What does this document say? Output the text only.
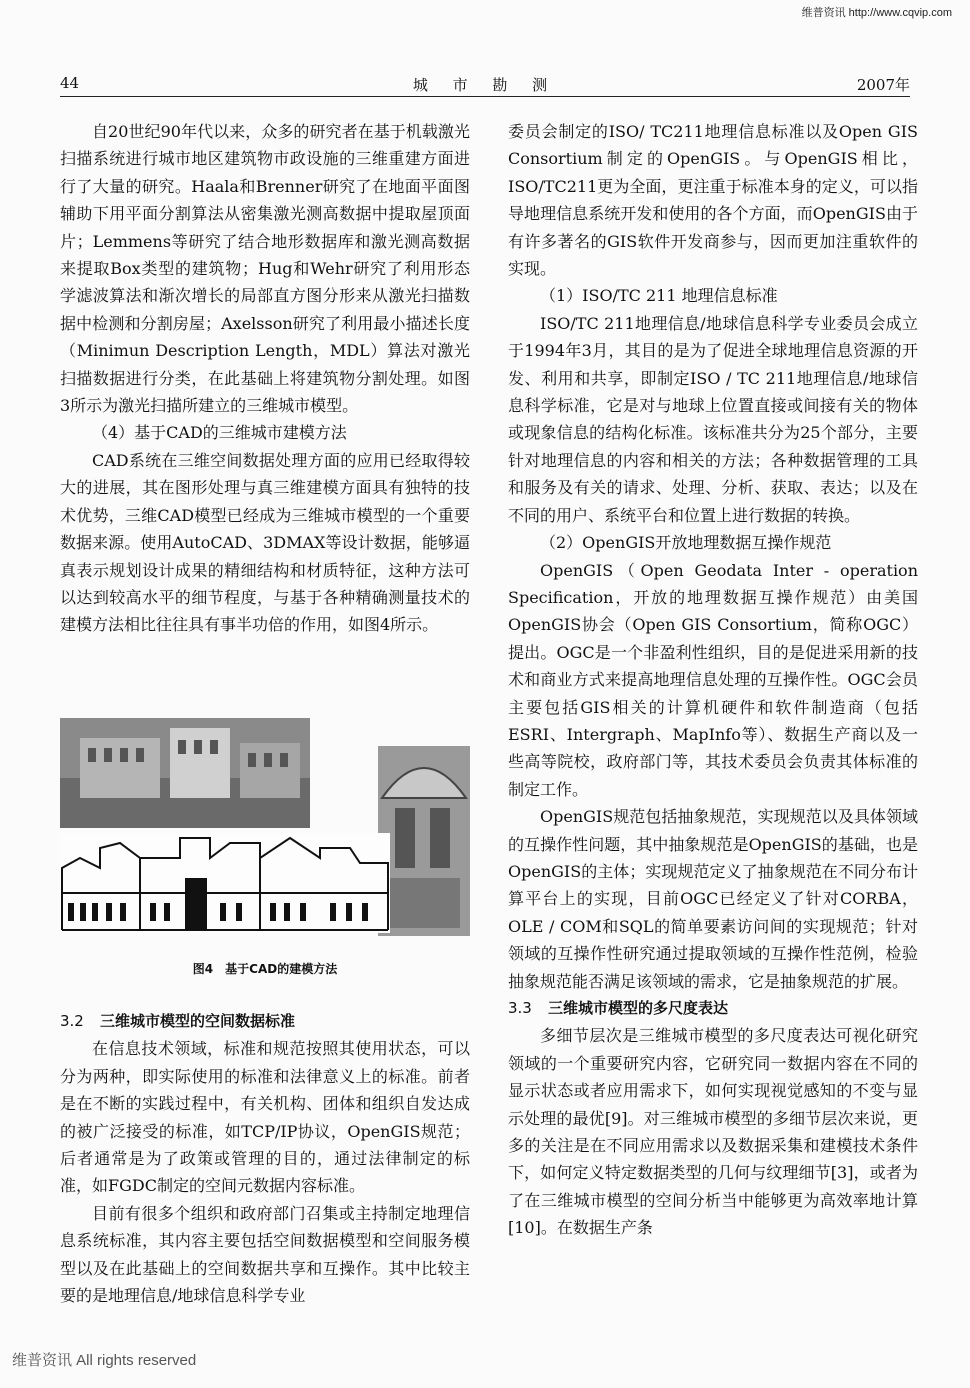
维普资讯 http://www.cqvip.com
44	城 市 勘 测	2007年

自20世纪90年代以来，众多的研究者在基于机载激光扫描系统进行城市地区建筑物市政设施的三维重建方面进行了大量的研究。Haala和Brenner研究了在地面平面图辅助下用平面分割算法从密集激光测高数据中提取屋顶面片；Lemmens等研究了结合地形数据库和激光测高数据来提取Box类型的建筑物；Hug和Wehr研究了利用形态学滤波算法和渐次增长的局部直方图分形来从激光扫描数据中检测和分割房屋；Axelsson研究了利用最小描述长度（Minimun Description Length，MDL）算法对激光扫描数据进行分类，在此基础上将建筑物分割处理。如图3所示为激光扫描所建立的三维城市模型。

（4）基于CAD的三维城市建模方法

CAD系统在三维空间数据处理方面的应用已经取得较大的进展，其在图形处理与真三维建模方面具有独特的技术优势，三维CAD模型已经成为三维城市模型的一个重要数据来源。使用AutoCAD、3DMAX等设计数据，能够逼真表示规划设计成果的精细结构和材质特征，这种方法可以达到较高水平的细节程度，与基于各种精确测量技术的建模方法相比往往具有事半功倍的作用，如图4所示。

图4　基于CAD的建模方法

3.2 三维城市模型的空间数据标准

在信息技术领域，标准和规范按照其使用状态，可以分为两种，即实际使用的标准和法律意义上的标准。前者是在不断的实践过程中，有关机构、团体和组织自发达成的被广泛接受的标准，如TCP/IP协议，OpenGIS规范；后者通常是为了政策或管理的目的，通过法律制定的标准，如FGDC制定的空间元数据内容标准。

目前有很多个组织和政府部门召集或主持制定地理信息系统标准，其内容主要包括空间数据模型和空间服务模型以及在此基础上的空间数据共享和互操作。其中比较主要的是地理信息/地球信息科学专业

委员会制定的ISO/ TC211地理信息标准以及Open GIS Consortium制定的OpenGIS。与OpenGIS相比，ISO/TC211更为全面，更注重于标准本身的定义，可以指导地理信息系统开发和使用的各个方面，而OpenGIS由于有许多著名的GIS软件开发商参与，因而更加注重软件的实现。

（1）ISO/TC 211 地理信息标准

ISO/TC 211地理信息/地球信息科学专业委员会成立于1994年3月，其目的是为了促进全球地理信息资源的开发、利用和共享，即制定ISO / TC 211地理信息/地球信息科学标准，它是对与地球上位置直接或间接有关的物体或现象信息的结构化标准。该标准共分为25个部分，主要针对地理信息的内容和相关的方法；各种数据管理的工具和服务及有关的请求、处理、分析、获取、表达；以及在不同的用户、系统平台和位置上进行数据的转换。

（2）OpenGIS开放地理数据互操作规范

OpenGIS（Open Geodata Inter - operation Specification，开放的地理数据互操作规范）由美国OpenGIS协会（Open GIS Consortium，简称OGC）提出。OGC是一个非盈利性组织，目的是促进采用新的技术和商业方式来提高地理信息处理的互操作性。OGC会员主要包括GIS相关的计算机硬件和软件制造商（包括ESRI、Intergraph、MapInfo等）、数据生产商以及一些高等院校，政府部门等，其技术委员会负责其体标准的制定工作。

OpenGIS规范包括抽象规范，实现规范以及具体领域的互操作性问题，其中抽象规范是OpenGIS的基础，也是OpenGIS的主体；实现规范定义了抽象规范在不同分布计算平台上的实现，目前OGC已经定义了针对CORBA，OLE / COM和SQL的简单要素访问间的实现规范；针对领域的互操作性研究通过提取领域的互操作性范例，检验抽象规范能否满足该领域的需求，它是抽象规范的扩展。

3.3 三维城市模型的多尺度表达

多细节层次是三维城市模型的多尺度表达可视化研究领域的一个重要研究内容，它研究同一数据内容在不同的显示状态或者应用需求下，如何实现视觉感知的不变与显示处理的最优[9]。对三维城市模型的多细节层次来说，更多的关注是在不同应用需求以及数据采集和建模技术条件下，如何定义特定数据类型的几何与纹理细节[3]，或者为了在三维城市模型的空间分析当中能够更为高效率地计算[10]。在数据生产条

维普资讯 All rights reserved
